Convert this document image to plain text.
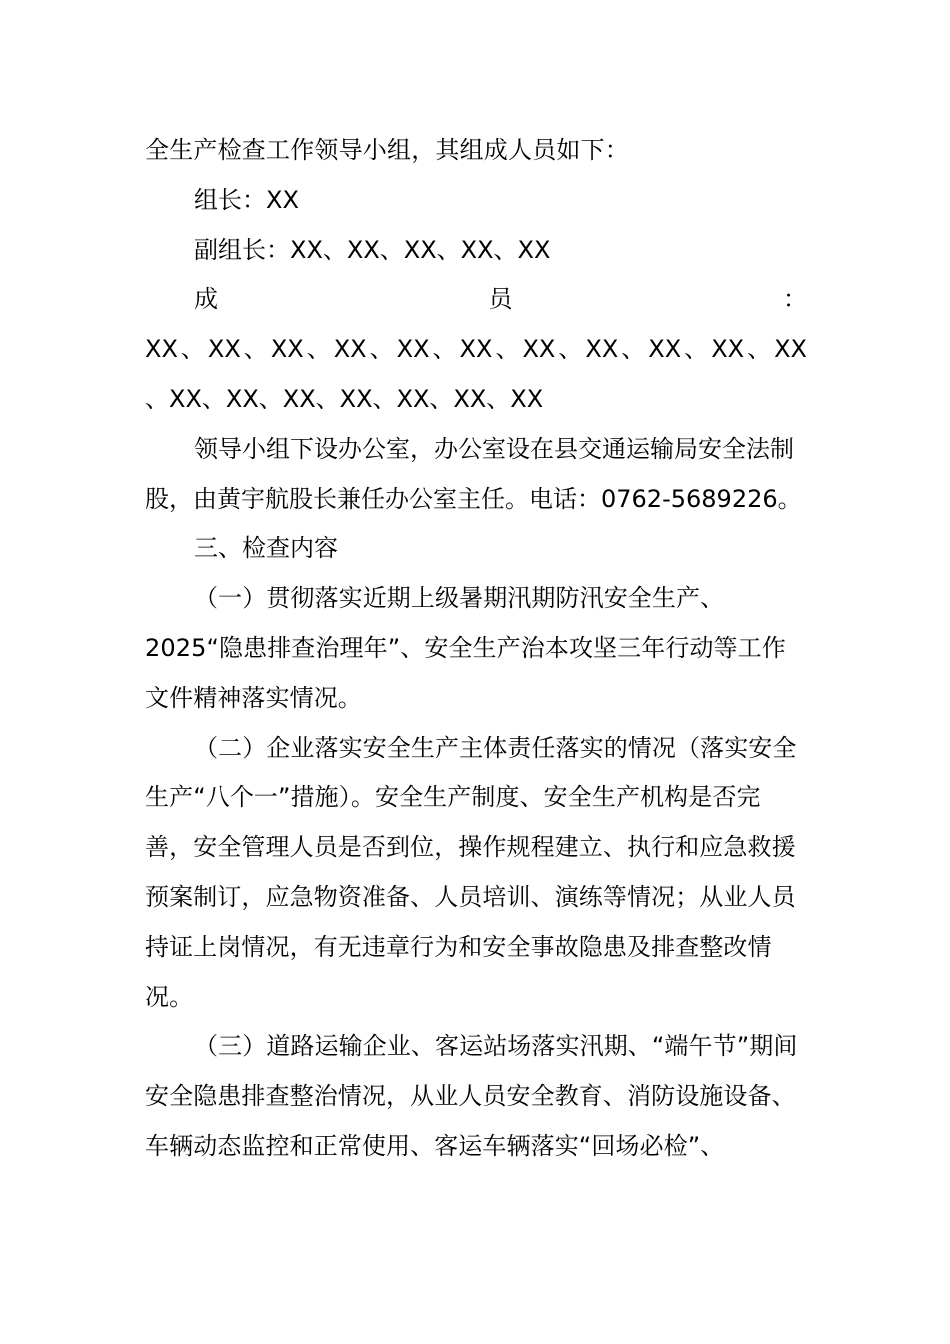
全生产检查工作领导小组，其组成人员如下：

组长：XX

副组长：XX、XX、XX、XX、XX

成员：

XX、XX、XX、XX、XX、XX、XX、XX、XX、XX、XX

、XX、XX、XX、XX、XX、XX、XX

领导小组下设办公室，办公室设在县交通运输局安全法制股，由黄宇航股长兼任办公室主任。电话：0762-5689226。

三、检查内容

（一）贯彻落实近期上级暑期汛期防汛安全生产、2025“隐患排查治理年”、安全生产治本攻坚三年行动等工作文件精神落实情况。

（二）企业落实安全生产主体责任落实的情况（落实安全生产“八个一”措施）。安全生产制度、安全生产机构是否完善，安全管理人员是否到位，操作规程建立、执行和应急救援预案制订，应急物资准备、人员培训、演练等情况；从业人员持证上岗情况，有无违章行为和安全事故隐患及排查整改情况。

（三）道路运输企业、客运站场落实汛期、“端午节”期间安全隐患排查整治情况，从业人员安全教育、消防设施设备、车辆动态监控和正常使用、客运车辆落实“回场必检”、
